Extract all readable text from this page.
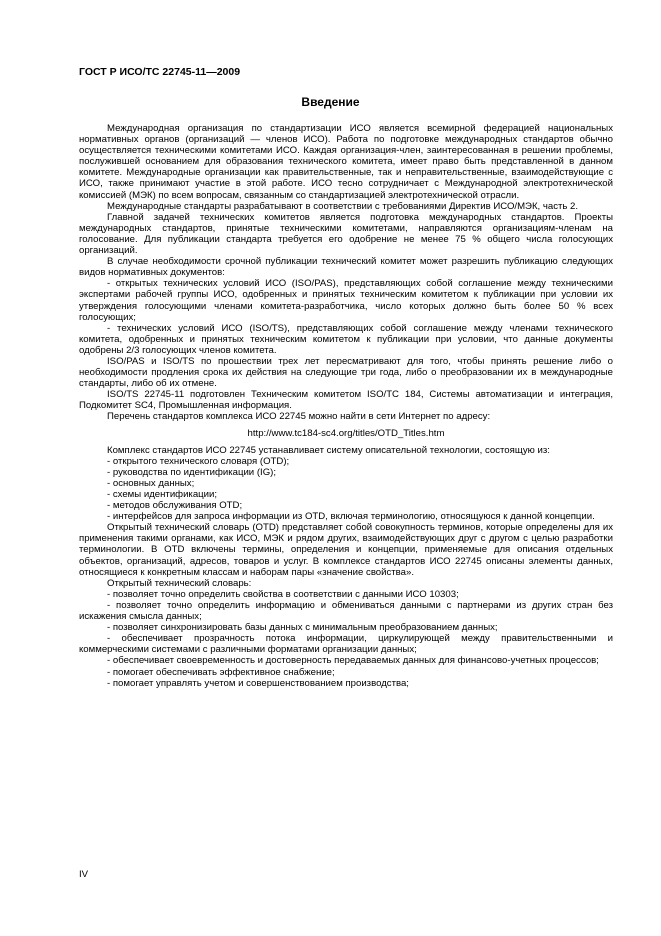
ГОСТ Р ИСО/ТС 22745-11—2009
Введение

Международная организация по стандартизации ИСО является всемирной федерацией национальных нормативных органов (организаций — членов ИСО). Работа по подготовке международных стандартов обычно осуществляется техническими комитетами ИСО. Каждая организация-член, заинтересованная в решении проблемы, послужившей основанием для образования технического комитета, имеет право быть представленной в данном комитете. Международные организации как правительственные, так и неправительственные, взаимодействующие с ИСО, также принимают участие в этой работе. ИСО тесно сотрудничает с Международной электротехнической комиссией (МЭК) по всем вопросам, связанным со стандартизацией электротехнической отрасли.

Международные стандарты разрабатывают в соответствии с требованиями Директив ИСО/МЭК, часть 2.

Главной задачей технических комитетов является подготовка международных стандартов. Проекты международных стандартов, принятые техническими комитетами, направляются организациям-членам на голосование. Для публикации стандарта требуется его одобрение не менее 75 % общего числа голосующих организаций.

В случае необходимости срочной публикации технический комитет может разрешить публикацию следующих видов нормативных документов:

- открытых технических условий ИСО (ISO/PAS), представляющих собой соглашение между техническими экспертами рабочей группы ИСО, одобренных и принятых техническим комитетом к публикации при условии их утверждения голосующими членами комитета-разработчика, число которых должно быть более 50 % всех голосующих;

- технических условий ИСО (ISO/TS), представляющих собой соглашение между членами технического комитета, одобренных и принятых техническим комитетом к публикации при условии, что данные документы одобрены 2/3 голосующих членов комитета.

ISO/PAS и ISO/TS по прошествии трех лет пересматривают для того, чтобы принять решение либо о необходимости продления срока их действия на следующие три года, либо о преобразовании их в международные стандарты, либо об их отмене.

ISO/TS 22745-11 подготовлен Техническим комитетом ISO/TC 184, Системы автоматизации и интеграция, Подкомитет SC4, Промышленная информация.

Перечень стандартов комплекса ИСО 22745 можно найти в сети Интернет по адресу:

http://www.tc184-sc4.org/titles/OTD_Titles.htm

Комплекс стандартов ИСО 22745 устанавливает систему описательной технологии, состоящую из:

- открытого технического словаря (OTD);

- руководства по идентификации (IG);

- основных данных;

- схемы идентификации;

- методов обслуживания OTD;

- интерфейсов для запроса информации из OTD, включая терминологию, относящуюся к данной концепции.

Открытый технический словарь (OTD) представляет собой совокупность терминов, которые определены для их применения такими органами, как ИСО, МЭК и рядом других, взаимодействующих друг с другом с целью разработки терминологии. В OTD включены термины, определения и концепции, применяемые для описания отдельных объектов, организаций, адресов, товаров и услуг. В комплексе стандартов ИСО 22745 описаны элементы данных, относящиеся к конкретным классам и наборам пары «значение свойства».

Открытый технический словарь:

- позволяет точно определить свойства в соответствии с данными ИСО 10303;

- позволяет точно определить информацию и обмениваться данными с партнерами из других стран без искажения смысла данных;

- позволяет синхронизировать базы данных с минимальным преобразованием данных;

- обеспечивает прозрачность потока информации, циркулирующей между правительственными и коммерческими системами с различными форматами организации данных;

- обеспечивает своевременность и достоверность передаваемых данных для финансово-учетных процессов;

- помогает обеспечивать эффективное снабжение;

- помогает управлять учетом и совершенствованием производства;

IV
